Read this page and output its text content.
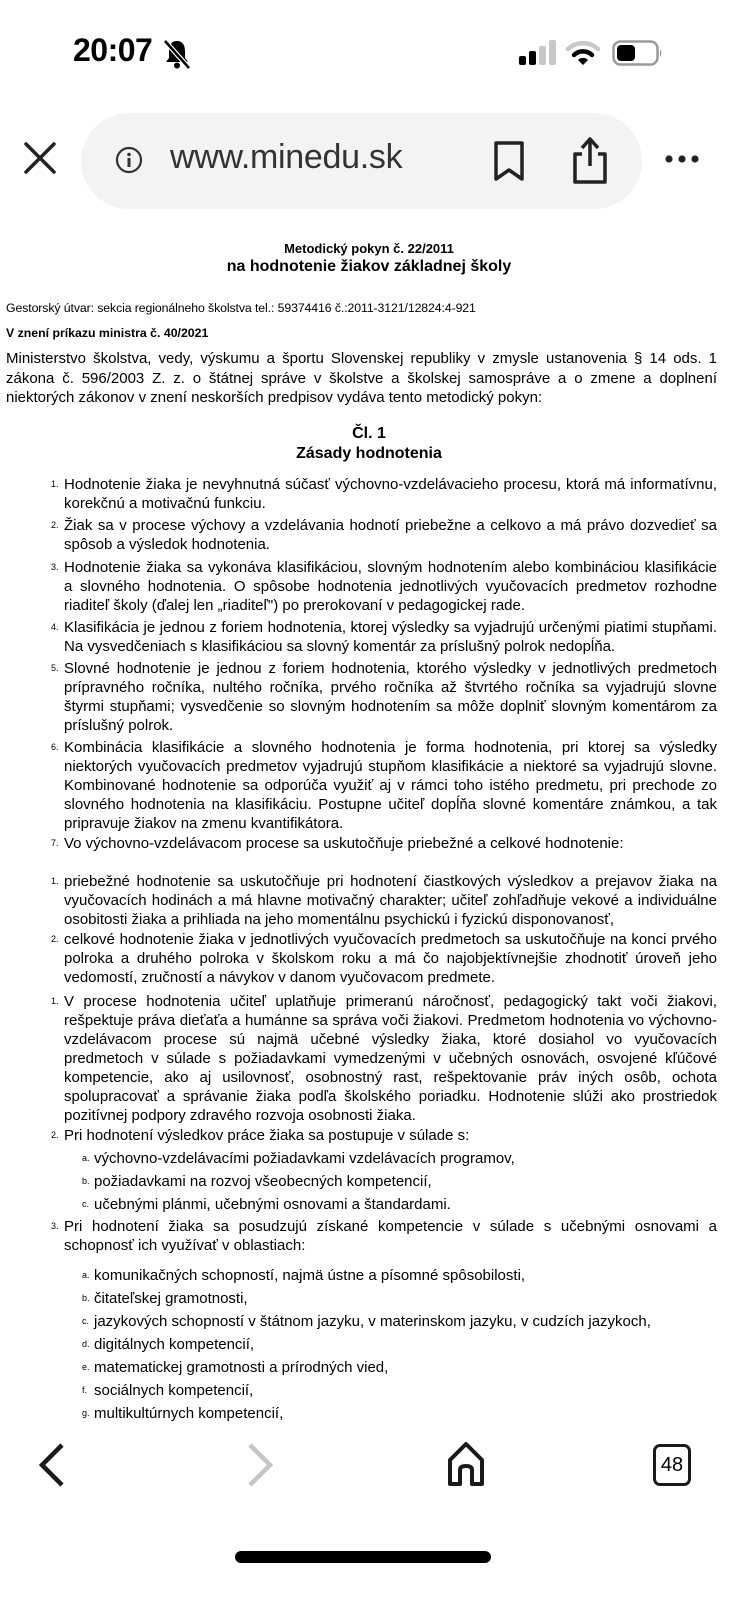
20:07
www.minedu.sk
Metodický pokyn č. 22/2011
na hodnotenie žiakov základnej školy
Gestorský útvar: sekcia regionálneho školstva tel.: 59374416 č.:2011-3121/12824:4-921
V znení príkazu ministra č. 40/2021
Ministerstvo školstva, vedy, výskumu a športu Slovenskej republiky v zmysle ustanovenia § 14 ods. 1 zákona č. 596/2003 Z. z. o štátnej správe v školstve a školskej samospráve a o zmene a doplnení niektorých zákonov v znení neskorších predpisov vydáva tento metodický pokyn:
Čl. 1
Zásady hodnotenia
1. Hodnotenie žiaka je nevyhnutná súčasť výchovno-vzdelávacieho procesu, ktorá má informatívnu, korekčnú a motivačnú funkciu.
2. Žiak sa v procese výchovy a vzdelávania hodnotí priebežne a celkovo a má právo dozvedieť sa spôsob a výsledok hodnotenia.
3. Hodnotenie žiaka sa vykonáva klasifikáciou, slovným hodnotením alebo kombináciou klasifikácie a slovného hodnotenia. O spôsobe hodnotenia jednotlivých vyučovacích predmetov rozhodne riaditeľ školy (ďalej len „riaditeľ") po prerokovaní v pedagogickej rade.
4. Klasifikácia je jednou z foriem hodnotenia, ktorej výsledky sa vyjadrujú určenými piatimi stupňami. Na vysvedčeniach s klasifikáciou sa slovný komentár za príslušný polrok nedopĺňa.
5. Slovné hodnotenie je jednou z foriem hodnotenia, ktorého výsledky v jednotlivých predmetoch prípravného ročníka, nultého ročníka, prvého ročníka až štvrtého ročníka sa vyjadrujú slovne štyrmi stupňami; vysvedčenie so slovným hodnotením sa môže doplniť slovným komentárom za príslušný polrok.
6. Kombinácia klasifikácie a slovného hodnotenia je forma hodnotenia, pri ktorej sa výsledky niektorých vyučovacích predmetov vyjadrujú stupňom klasifikácie a niektoré sa vyjadrujú slovne. Kombinované hodnotenie sa odporúča využiť aj v rámci toho istého predmetu, pri prechode zo slovného hodnotenia na klasifikáciu. Postupne učiteľ dopĺňa slovné komentáre známkou, a tak pripravuje žiakov na zmenu kvantifikátora.
7. Vo výchovno-vzdelávacom procese sa uskutočňuje priebežné a celkové hodnotenie:
1. priebežné hodnotenie sa uskutočňuje pri hodnotení čiastkových výsledkov a prejavov žiaka na vyučovacích hodinách a má hlavne motivačný charakter; učiteľ zohľadňuje vekové a individuálne osobitosti žiaka a prihliada na jeho momentálnu psychickú i fyzickú disponovanosť,
2. celkové hodnotenie žiaka v jednotlivých vyučovacích predmetoch sa uskutočňuje na konci prvého polroka a druhého polroka v školskom roku a má čo najobjektívnejšie zhodnotiť úroveň jeho vedomostí, zručností a návykov v danom vyučovacom predmete.
1. V procese hodnotenia učiteľ uplatňuje primeranú náročnosť, pedagogický takt voči žiakovi, rešpektuje práva dieťaťa a humánne sa správa voči žiakovi. Predmetom hodnotenia vo výchovno-vzdelávacom procese sú najmä učebné výsledky žiaka, ktoré dosiahol vo vyučovacích predmetoch v súlade s požiadavkami vymedzenými v učebných osnovách, osvojené kľúčové kompetencie, ako aj usilovnosť, osobnostný rast, rešpektovanie práv iných osôb, ochota spolupracovať a správanie žiaka podľa školského poriadku. Hodnotenie slúži ako prostriedok pozitívnej podpory zdravého rozvoja osobnosti žiaka.
2. Pri hodnotení výsledkov práce žiaka sa postupuje v súlade s:
a. výchovno-vzdelávacími požiadavkami vzdelávacích programov,
b. požiadavkami na rozvoj všeobecných kompetencií,
c. učebnými plánmi, učebnými osnovami a štandardami.
3. Pri hodnotení žiaka sa posudzujú získané kompetencie v súlade s učebnými osnovami a schopnosť ich využívať v oblastiach:
a. komunikačných schopností, najmä ústne a písomné spôsobilosti,
b. čitateľskej gramotnosti,
c. jazykových schopností v štátnom jazyku, v materinskom jazyku, v cudzích jazykoch,
d. digitálnych kompetencií,
e. matematickej gramotnosti a prírodných vied,
f. sociálnych kompetencií,
g. multikultúrnych kompetencií,
48
